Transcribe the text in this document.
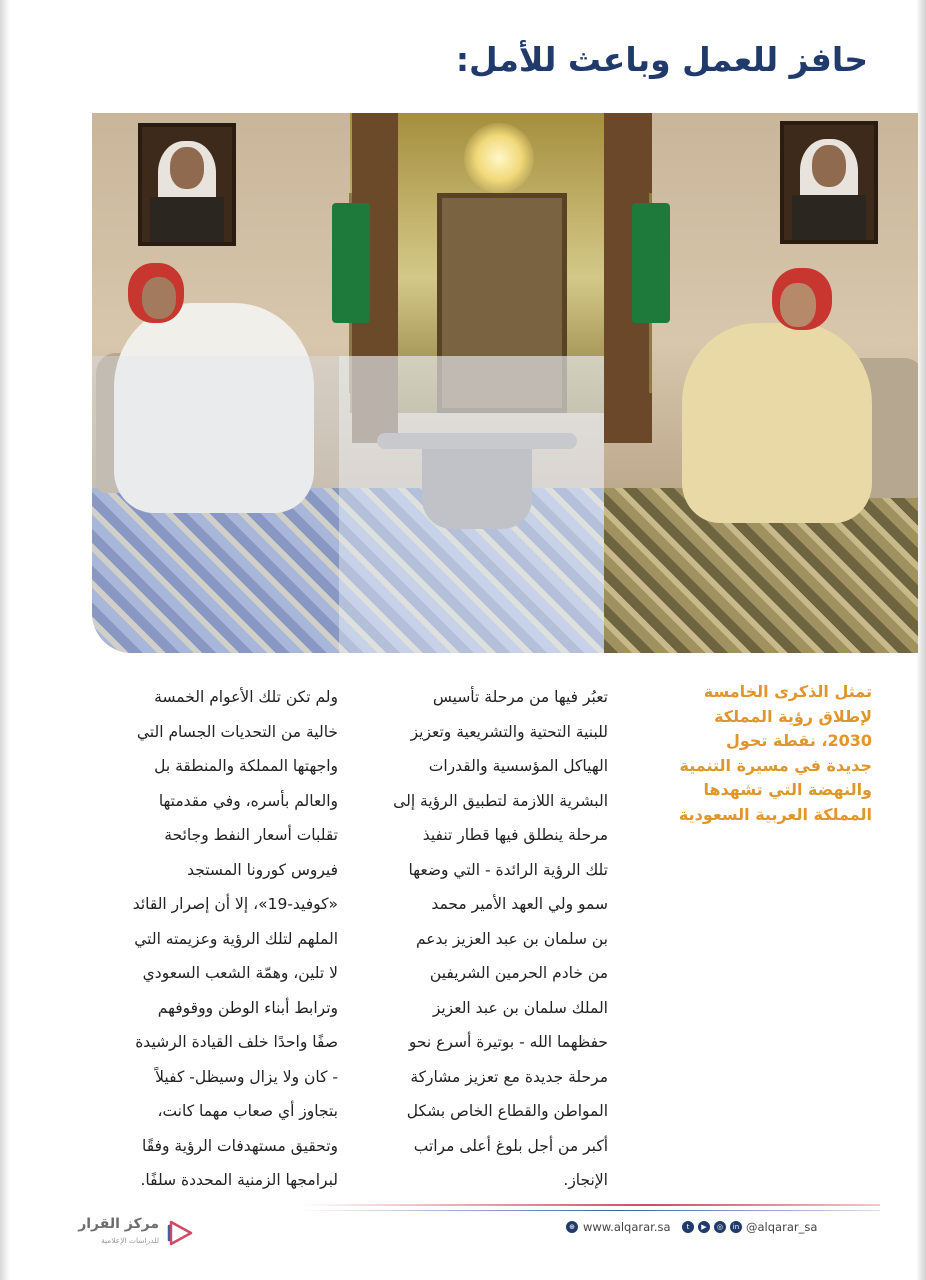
حافز للعمل وباعث للأمل:
تمثل الذكرى الخامسة
لإطلاق رؤية المملكة
2030، نقطة تحول
جديدة في مسيرة التنمية
والنهضة التي تشهدها
المملكة العربية السعودية

تعبُر فيها من مرحلة تأسيس

للبنية التحتية والتشريعية وتعزيز

الهياكل المؤسسية والقدرات

البشرية اللازمة لتطبيق الرؤية إلى

مرحلة ينطلق فيها قطار تنفيذ

تلك الرؤية الرائدة - التي وضعها

سمو ولي العهد الأمير محمد

بن سلمان بن عبد العزيز بدعم

من خادم الحرمين الشريفين

الملك سلمان بن عبد العزيز

حفظهما الله - بوتيرة أسرع نحو

مرحلة جديدة مع تعزيز مشاركة

المواطن والقطاع الخاص بشكل

أكبر من أجل بلوغ أعلى مراتب

الإنجاز.

ولم تكن تلك الأعوام الخمسة

خالية من التحديات الجسام التي

واجهتها المملكة والمنطقة بل

والعالم بأسره، وفي مقدمتها

تقلبات أسعار النفط وجائحة

فيروس كورونا المستجد

«كوفيد-19»، إلا أن إصرار القائد

الملهم لتلك الرؤية وعزيمته التي

لا تلين، وهمّة الشعب السعودي

وترابط أبناء الوطن ووقوفهم

صفًا واحدًا خلف القيادة الرشيدة

- كان ولا يزال وسيظل- كفيلاً

بتجاوز أي صعاب مهما كانت،

وتحقيق مستهدفات الرؤية وفقًا

لبرامجها الزمنية المحددة سلفًا.

مركز القرار
للدراسات الإعلامية
⊕ www.alqarar.sa	t	▶	◎	in @alqarar_sa
